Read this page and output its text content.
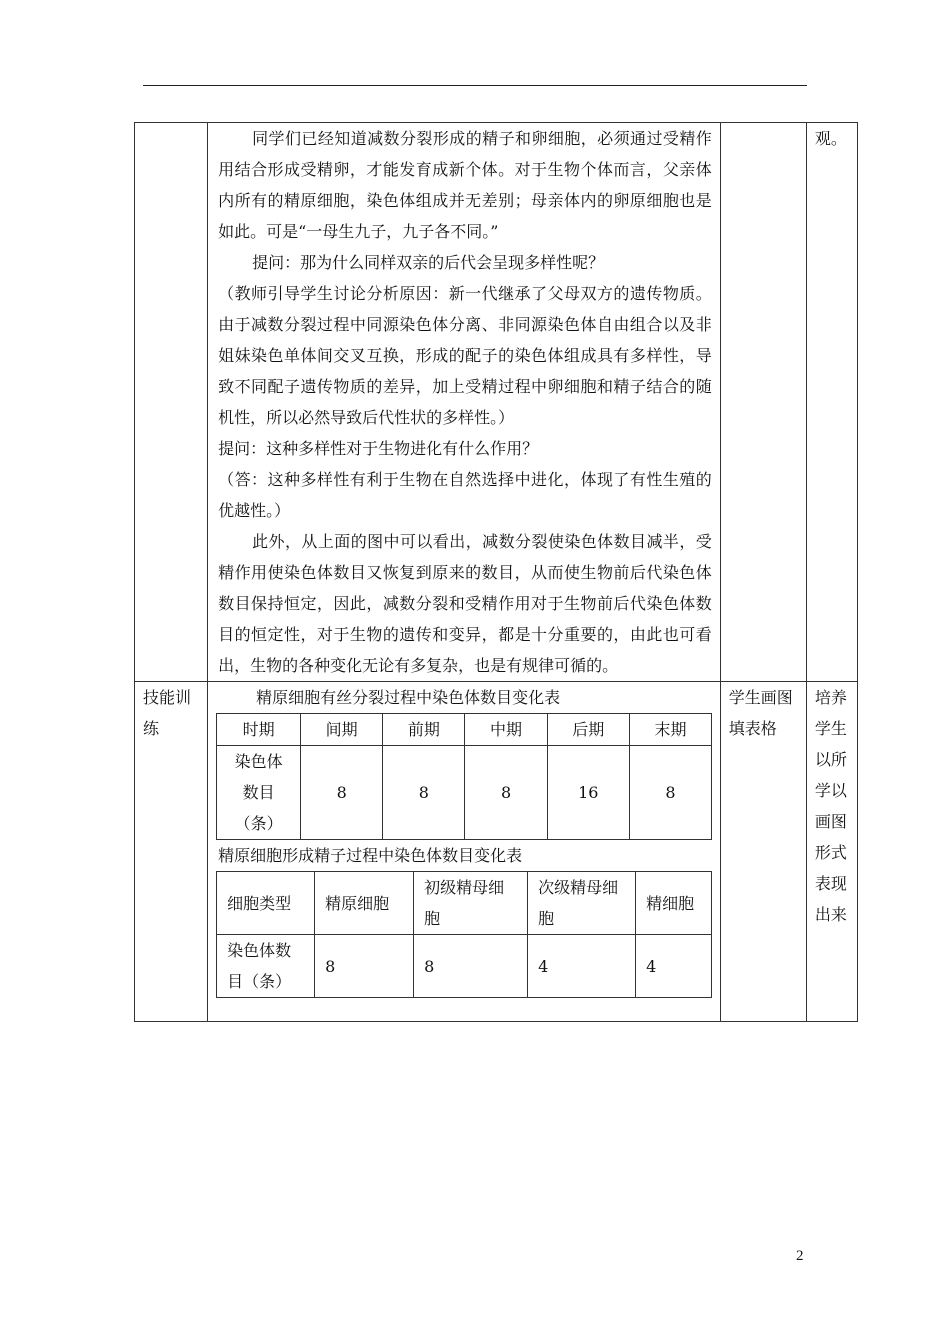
同学们已经知道减数分裂形成的精子和卵细胞，必须通过受精作用结合形成受精卵，才能发育成新个体。对于生物个体而言，父亲体内所有的精原细胞，染色体组成并无差别；母亲体内的卵原细胞也是如此。可是“一母生九子，九子各不同。”

提问：那为什么同样双亲的后代会呈现多样性呢？

（教师引导学生讨论分析原因：新一代继承了父母双方的遗传物质。由于减数分裂过程中同源染色体分离、非同源染色体自由组合以及非姐妹染色单体间交叉互换，形成的配子的染色体组成具有多样性，导致不同配子遗传物质的差异，加上受精过程中卵细胞和精子结合的随机性，所以必然导致后代性状的多样性。）

提问：这种多样性对于生物进化有什么作用？

（答：这种多样性有利于生物在自然选择中进化，体现了有性生殖的优越性。）

此外，从上面的图中可以看出，减数分裂使染色体数目减半，受精作用使染色体数目又恢复到原来的数目，从而使生物前后代染色体数目保持恒定，因此，减数分裂和受精作用对于生物前后代染色体数目的恒定性，对于生物的遗传和变异，都是十分重要的，由此也可看出，生物的各种变化无论有多复杂，也是有规律可循的。

观。

技能训练

精原细胞有丝分裂过程中染色体数目变化表

时期	间期	前期	中期	后期	末期
染色体数目（条）	8	8	8	16	8

精原细胞形成精子过程中染色体数目变化表

细胞类型	精原细胞	初级精母细胞	次级精母细胞	精细胞
染色体数目（条）	8	8	4	4

学生画图填表格

培养学生以所学以画图形式表现出来
2
